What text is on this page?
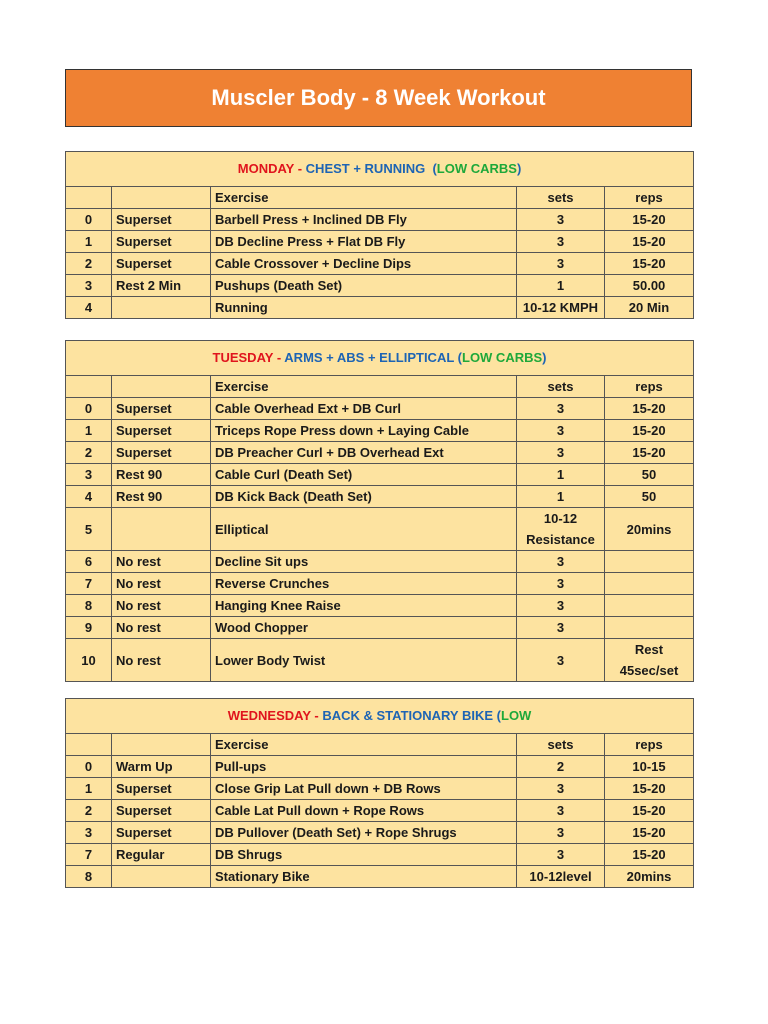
Muscler Body - 8 Week Workout
MONDAY - CHEST + RUNNING  (LOW CARBS)				
		Exercise	sets	reps
0	Superset	Barbell Press + Inclined DB Fly	3	15-20
1	Superset	DB Decline Press + Flat DB Fly	3	15-20
2	Superset	Cable Crossover + Decline Dips	3	15-20
3	Rest 2 Min	Pushups (Death Set)	1	50.00
4		Running	10-12 KMPH	20 Min
TUESDAY - ARMS + ABS + ELLIPTICAL (LOW CARBS)				
		Exercise	sets	reps
0	Superset	Cable Overhead Ext + DB Curl	3	15-20
1	Superset	Triceps Rope Press down + Laying Cable	3	15-20
2	Superset	DB Preacher Curl + DB Overhead Ext	3	15-20
3	Rest 90	Cable Curl (Death Set)	1	50
4	Rest 90	DB Kick Back (Death Set)	1	50
5		Elliptical	10-12 Resistance	20mins
6	No rest	Decline Sit ups	3	
7	No rest	Reverse Crunches	3	
8	No rest	Hanging Knee Raise	3	
9	No rest	Wood Chopper	3	
10	No rest	Lower Body Twist	3	Rest 45sec/set
WEDNESDAY - BACK & STATIONARY BIKE (LOW				
		Exercise	sets	reps
0	Warm Up	Pull-ups	2	10-15
1	Superset	Close Grip Lat Pull down + DB Rows	3	15-20
2	Superset	Cable Lat Pull down + Rope Rows	3	15-20
3	Superset	DB Pullover (Death Set) + Rope Shrugs	3	15-20
7	Regular	DB Shrugs	3	15-20
8		Stationary Bike	10-12level	20mins
